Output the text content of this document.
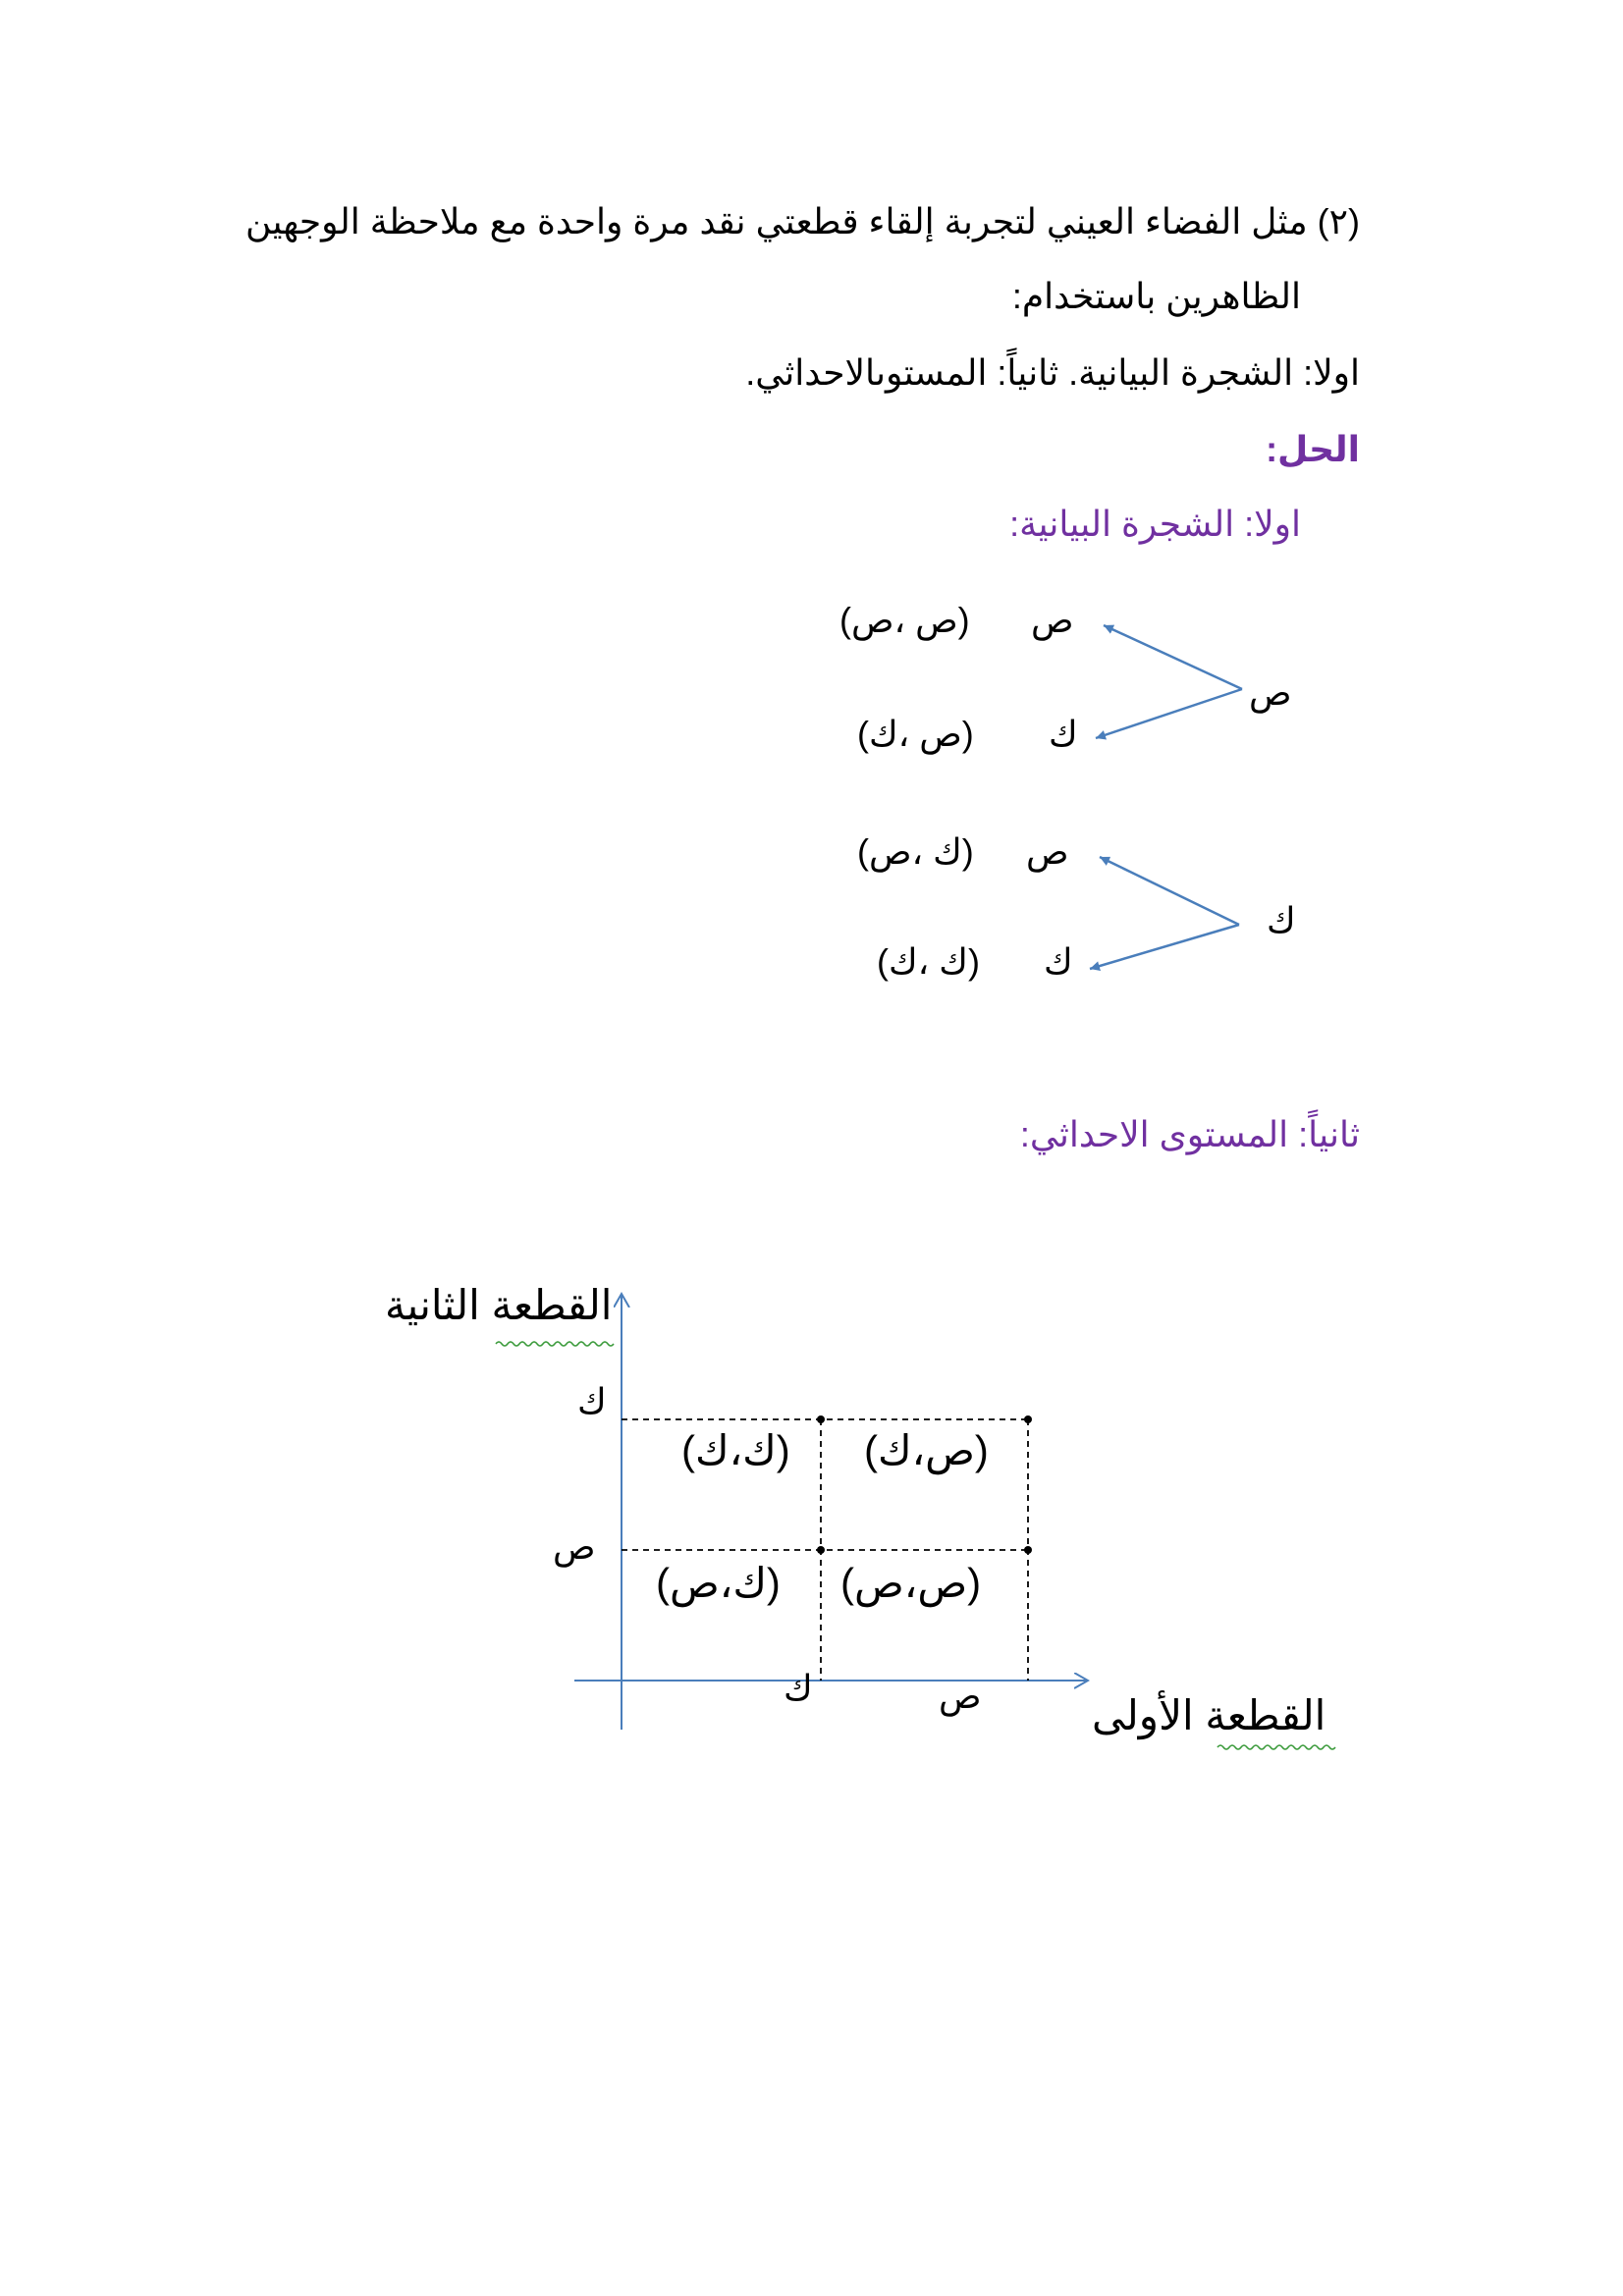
(٢) مثل الفضاء العيني لتجربة إلقاء قطعتي نقد مرة واحدة مع ملاحظة الوجهين
الظاهرين باستخدام:
اولا: الشجرة البيانية. ثانياً: المستوىالاحداثي.
الحل:
اولا: الشجرة البيانية:
ص
ص
(ص ،ص)
ك
(ص ،ك)
ك
ص
(ك ،ص)
ك
(ك ،ك)
ثانياً: المستوى الاحداثي:
القطعة الثانية
القطعة الأولى
ك
ص
ك	ص
(ك،ك) (ص،ك)
(ك،ص) (ص،ص)
